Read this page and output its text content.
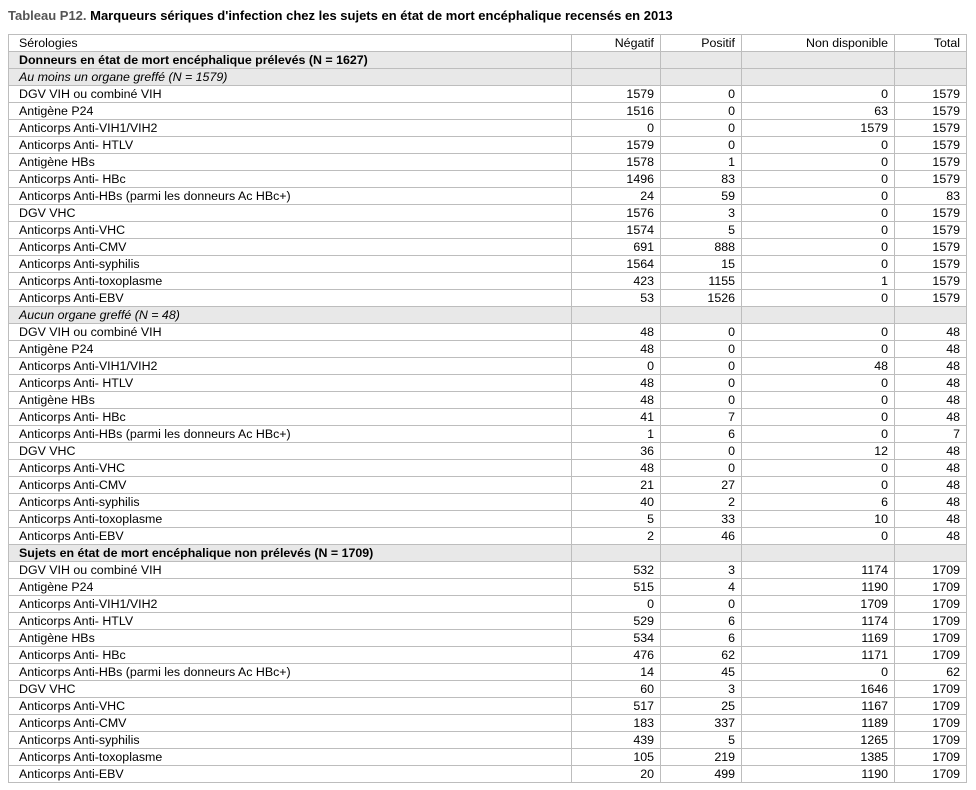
Tableau P12. Marqueurs sériques d'infection chez les sujets en état de mort encéphalique recensés en 2013
Sérologies	Négatif	Positif	Non disponible	Total
Donneurs en état de mort encéphalique prélevés (N = 1627)				
Au moins un organe greffé (N = 1579)				
DGV VIH ou combiné VIH	1579	0	0	1579
Antigène P24	1516	0	63	1579
Anticorps Anti-VIH1/VIH2	0	0	1579	1579
Anticorps Anti- HTLV	1579	0	0	1579
Antigène HBs	1578	1	0	1579
Anticorps Anti- HBc	1496	83	0	1579
Anticorps Anti-HBs (parmi les donneurs Ac HBc+)	24	59	0	83
DGV VHC	1576	3	0	1579
Anticorps Anti-VHC	1574	5	0	1579
Anticorps Anti-CMV	691	888	0	1579
Anticorps Anti-syphilis	1564	15	0	1579
Anticorps Anti-toxoplasme	423	1155	1	1579
Anticorps Anti-EBV	53	1526	0	1579
Aucun organe greffé (N = 48)				
DGV VIH ou combiné VIH	48	0	0	48
Antigène P24	48	0	0	48
Anticorps Anti-VIH1/VIH2	0	0	48	48
Anticorps Anti- HTLV	48	0	0	48
Antigène HBs	48	0	0	48
Anticorps Anti- HBc	41	7	0	48
Anticorps Anti-HBs (parmi les donneurs Ac HBc+)	1	6	0	7
DGV VHC	36	0	12	48
Anticorps Anti-VHC	48	0	0	48
Anticorps Anti-CMV	21	27	0	48
Anticorps Anti-syphilis	40	2	6	48
Anticorps Anti-toxoplasme	5	33	10	48
Anticorps Anti-EBV	2	46	0	48
Sujets en état de mort encéphalique non prélevés (N = 1709)				
DGV VIH ou combiné VIH	532	3	1174	1709
Antigène P24	515	4	1190	1709
Anticorps Anti-VIH1/VIH2	0	0	1709	1709
Anticorps Anti- HTLV	529	6	1174	1709
Antigène HBs	534	6	1169	1709
Anticorps Anti- HBc	476	62	1171	1709
Anticorps Anti-HBs (parmi les donneurs Ac HBc+)	14	45	0	62
DGV VHC	60	3	1646	1709
Anticorps Anti-VHC	517	25	1167	1709
Anticorps Anti-CMV	183	337	1189	1709
Anticorps Anti-syphilis	439	5	1265	1709
Anticorps Anti-toxoplasme	105	219	1385	1709
Anticorps Anti-EBV	20	499	1190	1709
